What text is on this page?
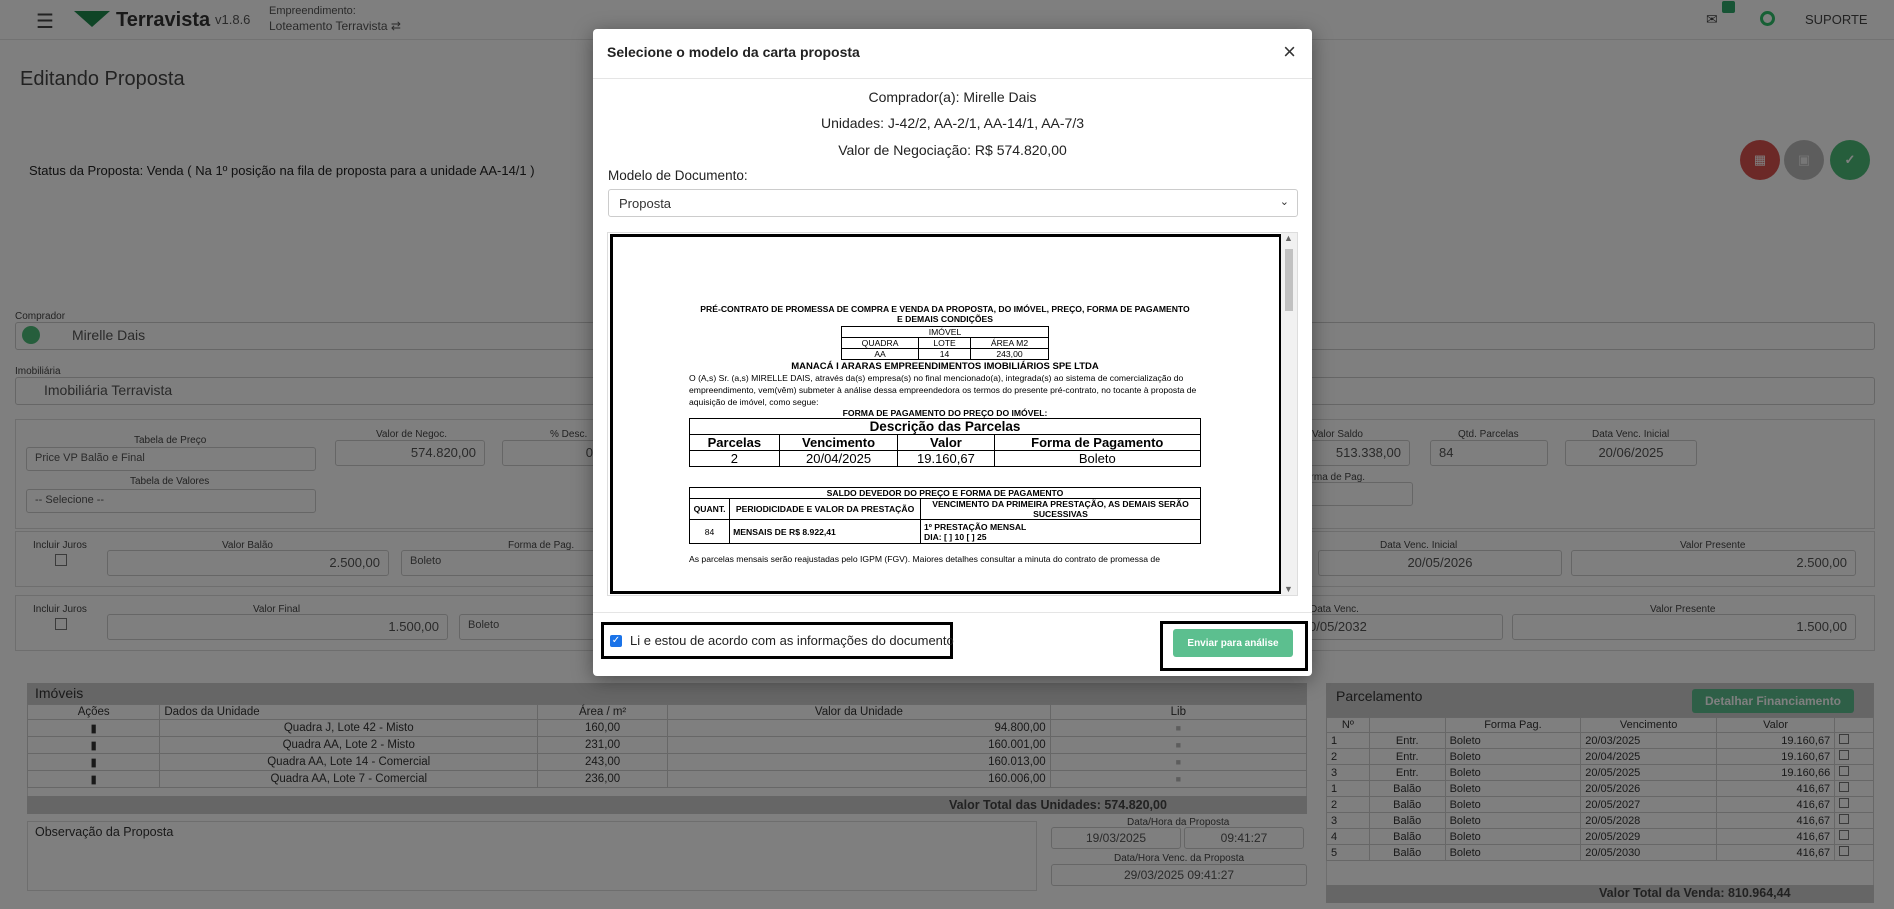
Selecione o modelo da carta proposta	×
Comprador(a): Mirelle Dais
Unidades: J-42/2, AA-2/1, AA-14/1, AA-7/3
Valor de Negociação: R$ 574.820,00
Modelo de Documento:
Proposta	⌄
PRÉ-CONTRATO DE PROMESSA DE COMPRA E VENDA DA PROPOSTA, DO IMÓVEL, PREÇO, FORMA DE PAGAMENTO
E DEMAIS CONDIÇÕES
IMÓVEL		
QUADRA	LOTE	ÁREA M2
AA	14	243,00
MANACÁ I ARARAS EMPREENDIMENTOS IMOBILIÁRIOS SPE LTDA
O (A,s) Sr. (a,s) MIRELLE DAIS, através da(s) empresa(s) no final mencionado(a), integrada(s) ao sistema de comercialização do empreendimento, vem(vêm) submeter à análise dessa empreendedora os termos do presente pré-contrato, no tocante à proposta de aquisição de imóvel, como segue:
FORMA DE PAGAMENTO DO PREÇO DO IMÓVEL:
Descrição das Parcelas			
Parcelas	Vencimento	Valor	Forma de Pagamento
2	20/04/2025	19.160,67	Boleto
SALDO DEVEDOR DO PREÇO E FORMA DE PAGAMENTO		
QUANT.	PERIODICIDADE E VALOR DA PRESTAÇÃO	VENCIMENTO DA PRIMEIRA PRESTAÇÃO, AS DEMAIS SERÃO SUCESSIVAS
84	MENSAIS DE R$ 8.922,41	1º PRESTAÇÃO MENSAL
DIA: [ ] 10 [ ] 25
As parcelas mensais serão reajustadas pelo IGPM (FGV). Maiores detalhes consultar a minuta do contrato de promessa de
▲
▼
✓ Li e estou de acordo com as informações do documento	Enviar para análise
